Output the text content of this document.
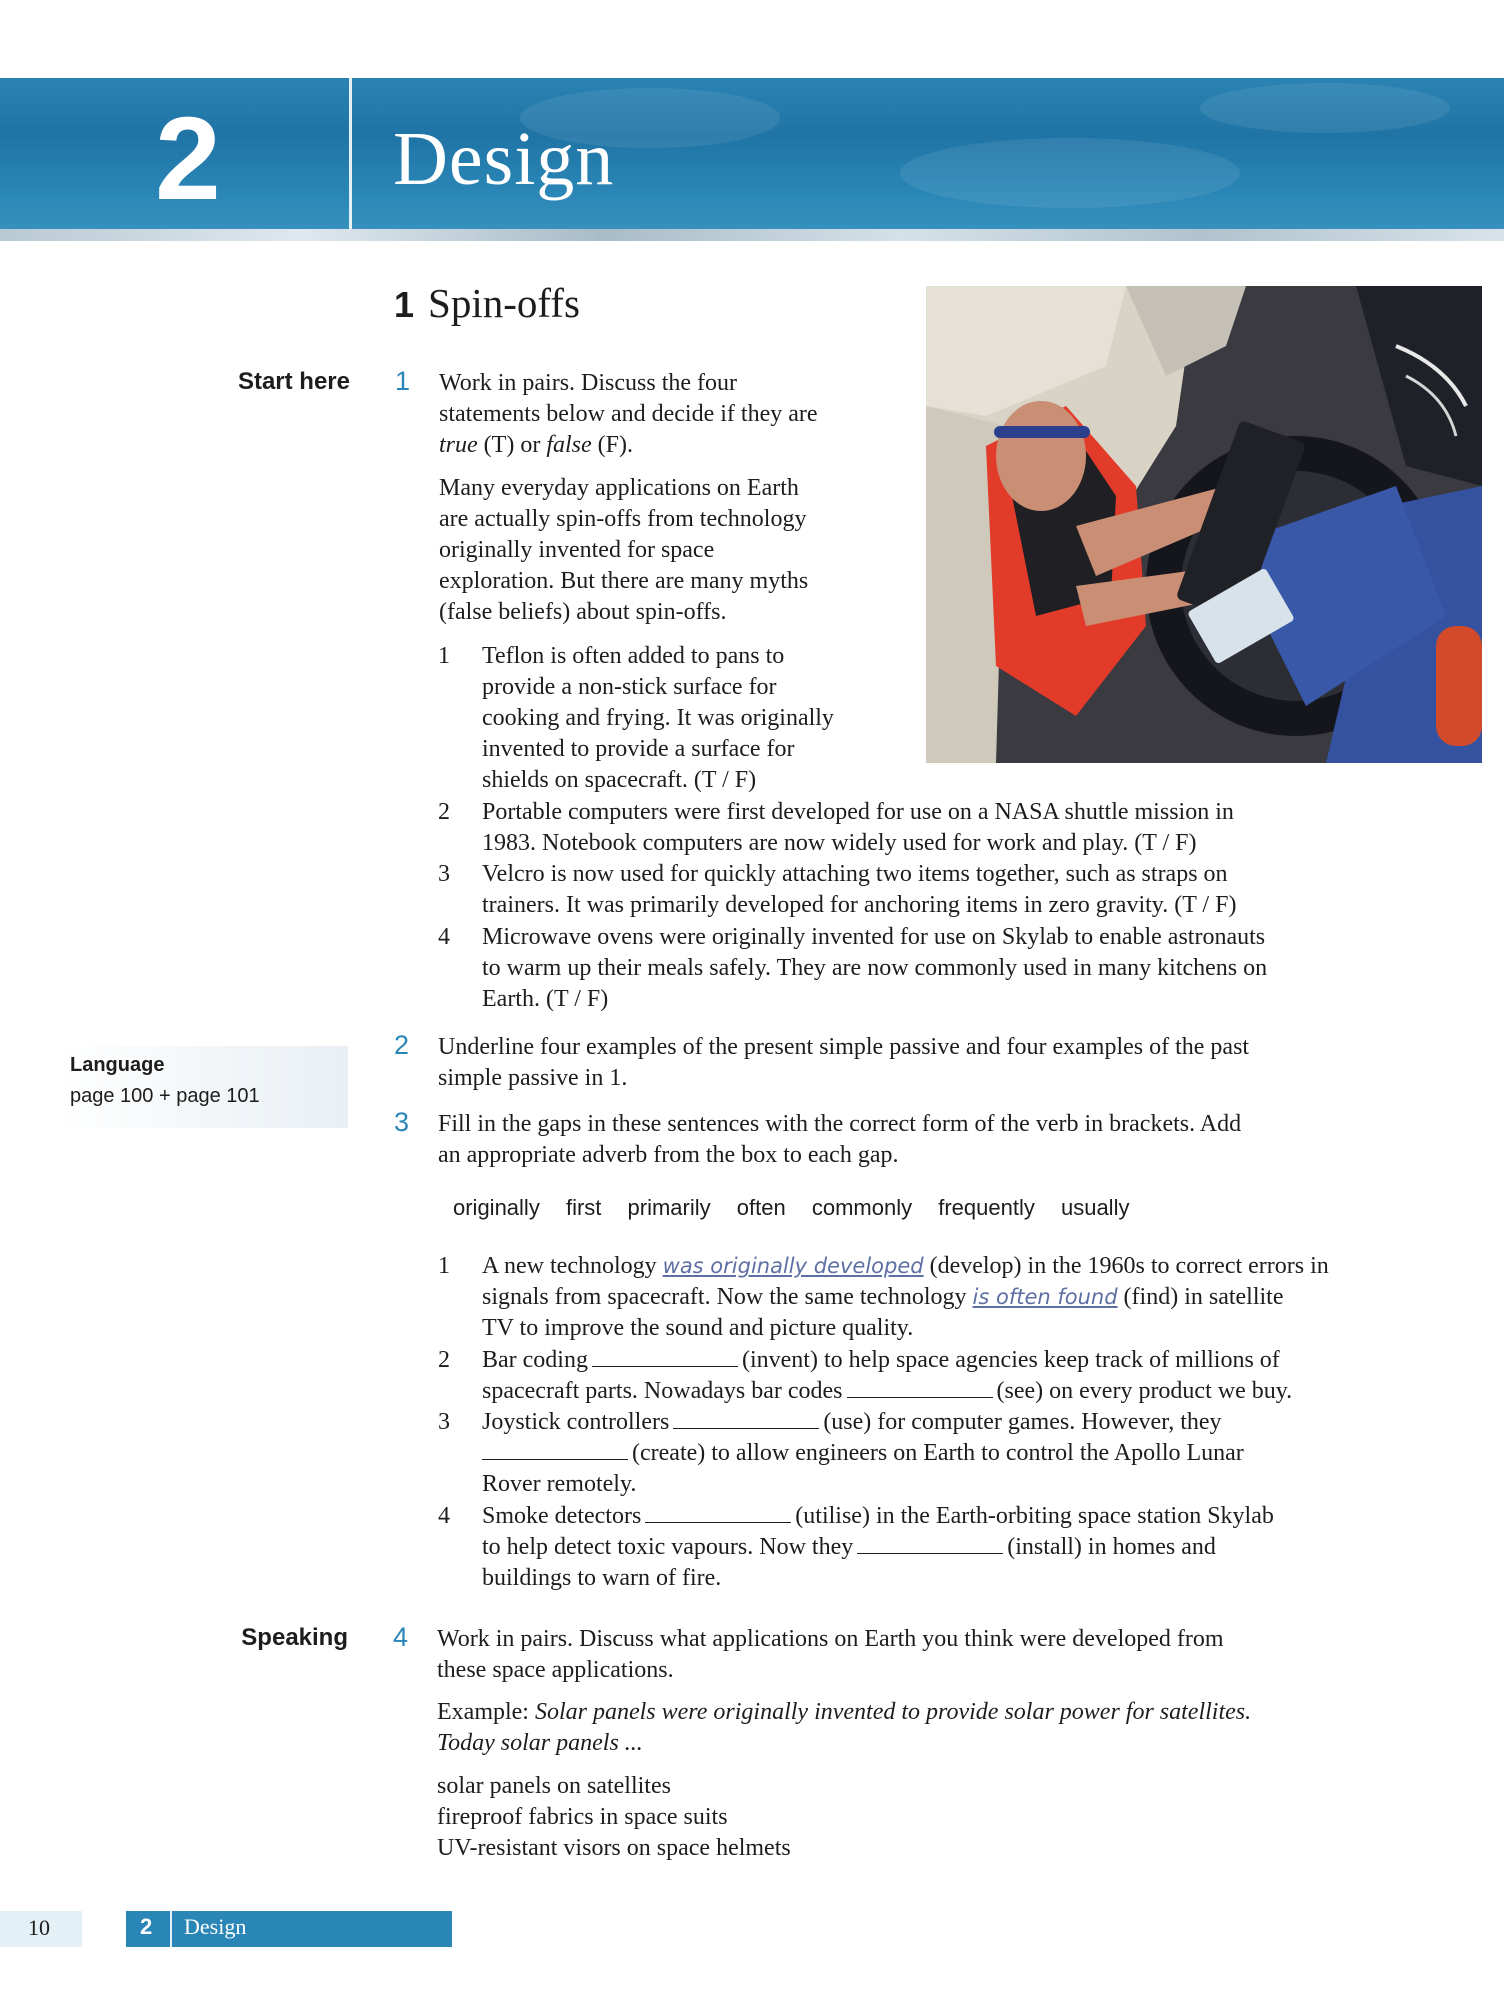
2	Design
1 Spin-offs
Start here
Language
page 100 + page 101
Speaking
1 Work in pairs. Discuss the four
statements below and decide if they are
true (T) or false (F).
Many everyday applications on Earth
are actually spin-offs from technology
originally invented for space
exploration. But there are many myths
(false beliefs) about spin-offs.
1	Teflon is often added to pans to
provide a non-stick surface for
cooking and frying. It was originally
invented to provide a surface for
shields on spacecraft. (T / F)
2	Portable computers were first developed for use on a NASA shuttle mission in
1983. Notebook computers are now widely used for work and play. (T / F)
3	Velcro is now used for quickly attaching two items together, such as straps on
trainers. It was primarily developed for anchoring items in zero gravity. (T / F)
4	Microwave ovens were originally invented for use on Skylab to enable astronauts
to warm up their meals safely. They are now commonly used in many kitchens on
Earth. (T / F)
2 Underline four examples of the present simple passive and four examples of the past
simple passive in 1.
3 Fill in the gaps in these sentences with the correct form of the verb in brackets. Add
an appropriate adverb from the box to each gap.
originally first primarily often commonly frequently usually
1	A new technology was originally developed (develop) in the 1960s to correct errors in
signals from spacecraft. Now the same technology is often found (find) in satellite
TV to improve the sound and picture quality.
2	Bar coding	(invent) to help space agencies keep track of millions of
spacecraft parts. Nowadays bar codes	(see) on every product we buy.
3	Joystick controllers	(use) for computer games. However, they
(create) to allow engineers on Earth to control the Apollo Lunar
Rover remotely.
4	Smoke detectors	(utilise) in the Earth-orbiting space station Skylab
to help detect toxic vapours. Now they	(install) in homes and
buildings to warn of fire.
4 Work in pairs. Discuss what applications on Earth you think were developed from
these space applications.
Example: Solar panels were originally invented to provide solar power for satellites.
Today solar panels ...
solar panels on satellites
fireproof fabrics in space suits
UV-resistant visors on space helmets
10	2 Design
